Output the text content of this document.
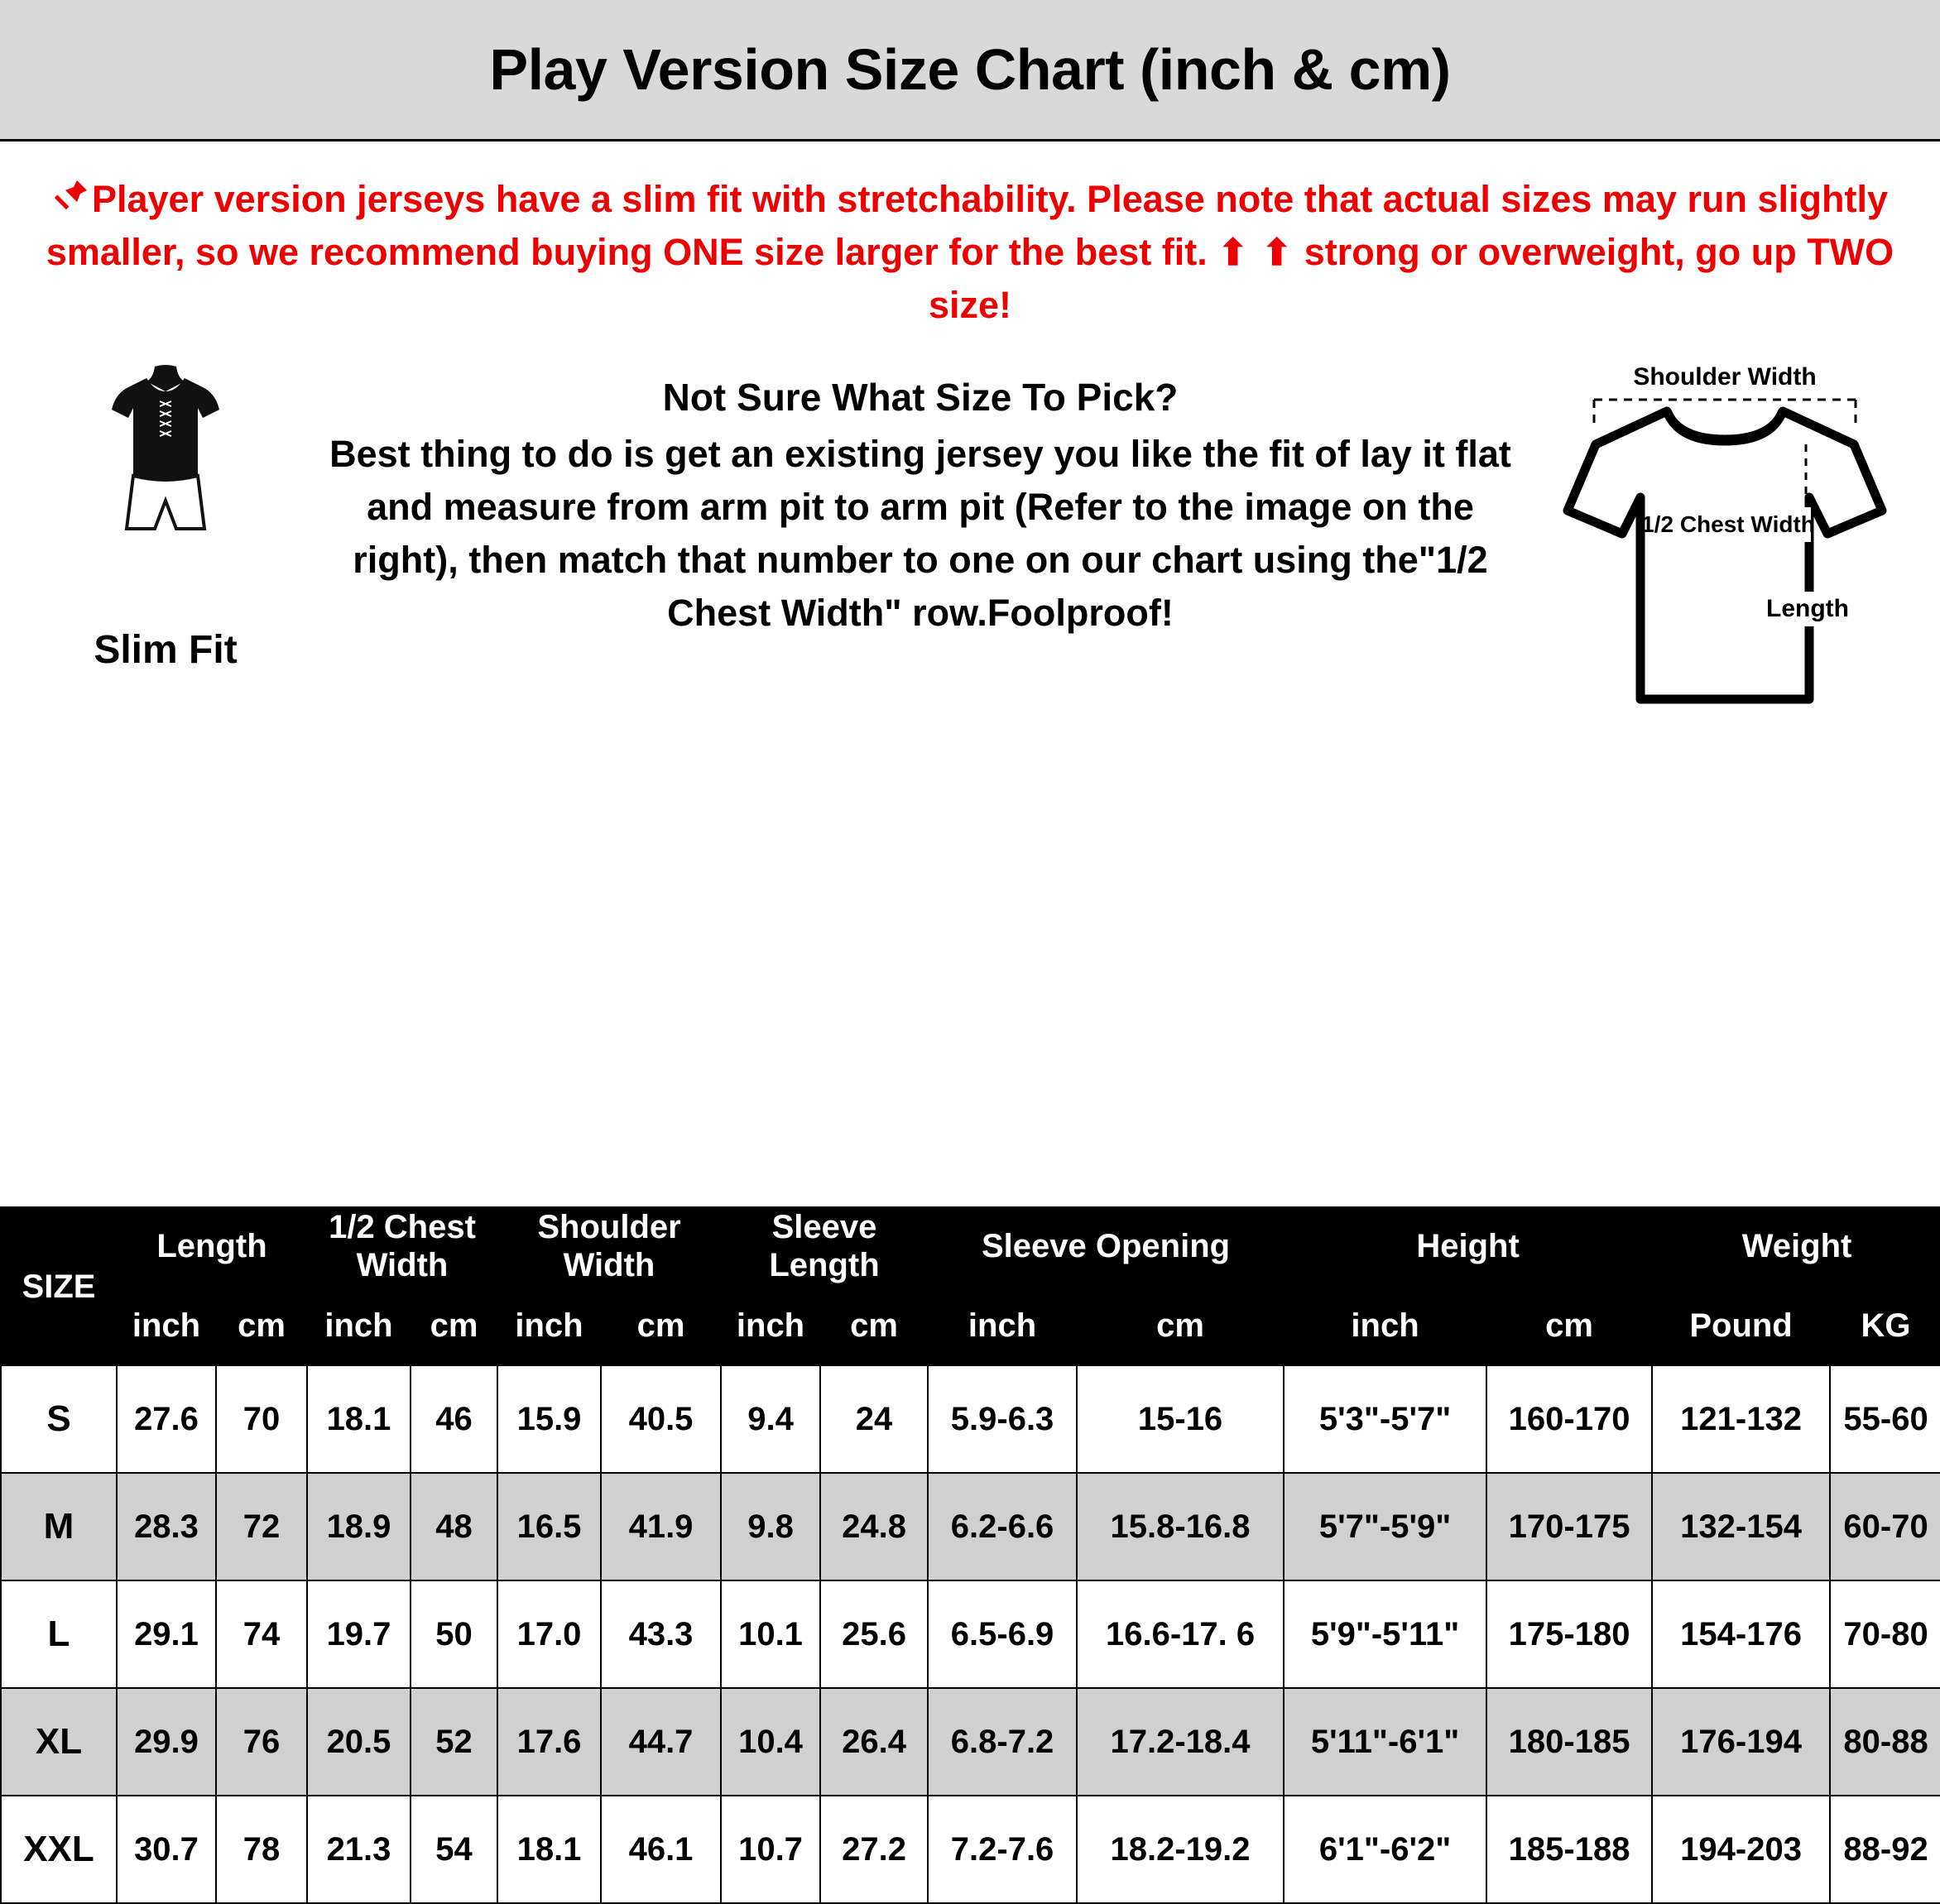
Play Version Size Chart (inch & cm)
Player version jerseys have a slim fit with stretchability. Please note that actual sizes may run slightly smaller, so we recommend buying ONE size larger for the best fit. ⬆ ⬆ strong or overweight, go up TWO size!
Slim Fit

Not Sure What Size To Pick?

Best thing to do is get an existing jersey you like the fit of lay it flat and measure from arm pit to arm pit (Refer to the image on the right), then match that number to one on our chart using the"1/2 Chest Width" row.Foolproof!

1/2 Chest Width
Length
Shoulder Width
SIZE	Length		1/2 Chest Width		Shoulder Width		Sleeve Length		Sleeve Opening		Height		Weight	
	inch	cm	inch	cm	inch	cm	inch	cm	inch	cm	inch	cm	Pound	KG
S	27.6	70	18.1	46	15.9	40.5	9.4	24	5.9-6.3	15-16	5'3"-5'7"	160-170	121-132	55-60
M	28.3	72	18.9	48	16.5	41.9	9.8	24.8	6.2-6.6	15.8-16.8	5'7"-5'9"	170-175	132-154	60-70
L	29.1	74	19.7	50	17.0	43.3	10.1	25.6	6.5-6.9	16.6-17. 6	5'9"-5'11"	175-180	154-176	70-80
XL	29.9	76	20.5	52	17.6	44.7	10.4	26.4	6.8-7.2	17.2-18.4	5'11"-6'1"	180-185	176-194	80-88
XXL	30.7	78	21.3	54	18.1	46.1	10.7	27.2	7.2-7.6	18.2-19.2	6'1"-6'2"	185-188	194-203	88-92
